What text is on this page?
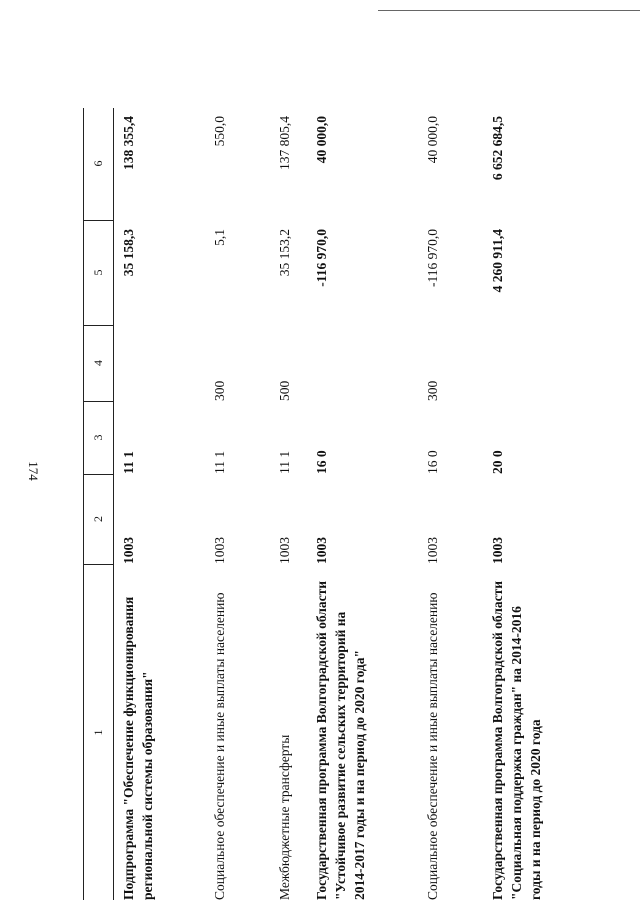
174
1
2
3
4
5
6
Подпрограмма "Обеспечение функционирования региональной системы образования"
1003
11 1
35 158,3
138 355,4
Социальное обеспечение и иные выплаты населению
1003
11 1
300
5,1
550,0
Межбюджетные трансферты
1003
11 1
500
35 153,2
137 805,4
Государственная программа Волгоградской области "Устойчивое развитие сельских территорий на 2014-2017 годы и на период до 2020 года"
1003
16 0
-116 970,0
40 000,0
Социальное обеспечение и иные выплаты населению
1003
16 0
300
-116 970,0
40 000,0
Государственная программа Волгоградской области "Социальная поддержка граждан" на 2014-2016 годы и на период до 2020 года
1003
20 0
4 260 911,4
6 652 684,5
